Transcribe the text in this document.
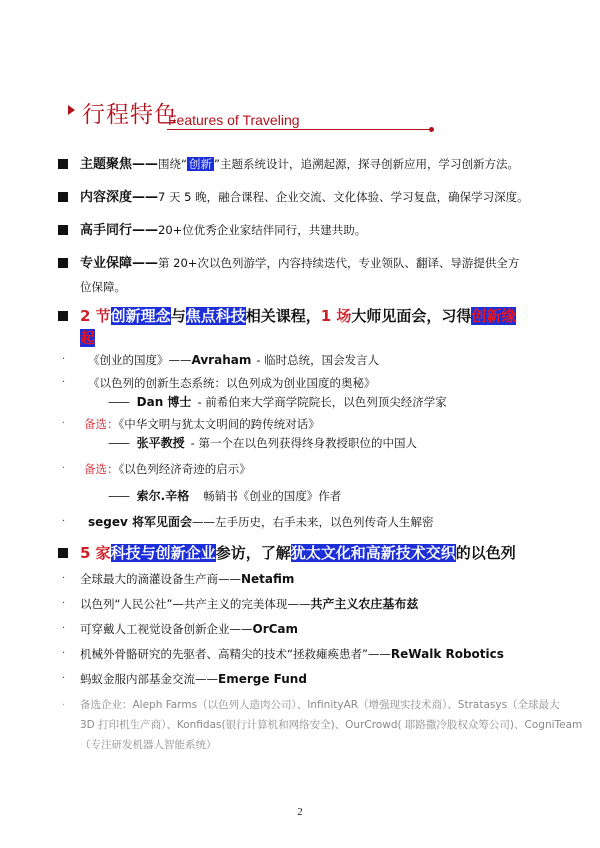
行程特色
Features of Traveling
主题聚焦——围绕“ 创新 ”主题系统设计，追溯起源，探寻创新应用，学习创新方法。
内容深度——7 天 5 晚，融合课程、企业交流、文化体验、学习复盘，确保学习深度。
高手同行——20+位优秀企业家结伴同行，共建共助。
专业保障——第 20+次以色列游学，内容持续迭代，专业领队、翻译、导游提供全方
位保障。
2 节创新理念与焦点科技相关课程，1 场大师见面会，习得创新缘
起
· 《创业的国度》——Avraham - 临时总统，国会发言人
· 《以色列的创新生态系统：以色列成为创业国度的奥秘》
—— Dan 博士 - 前希伯来大学商学院院长，以色列顶尖经济学家
· 备选：《中华文明与犹太文明间的跨传统对话》
—— 张平教授 - 第一个在以色列获得终身教授职位的中国人
· 备选：《以色列经济奇迹的启示》
—— 索尔.辛格 畅销书《创业的国度》作者
· segev 将军见面会——左手历史，右手未来，以色列传奇人生解密
5 家科技与创新企业参访，了解犹太文化和高新技术交织的以色列
· 全球最大的滴灌设备生产商——Netafim
· 以色列“人民公社”—共产主义的完美体现——共产主义农庄基布兹
· 可穿戴人工视觉设备创新企业——OrCam
· 机械外骨骼研究的先驱者、高精尖的技术“拯救瘫痪患者”——ReWalk Robotics
· 蚂蚁金服内部基金交流——Emerge Fund
· 备选企业：Aleph Farms（以色列人造肉公司）、InfinityAR（增强现实技术商）、Stratasys（全球最大
3D 打印机生产商）、Konfidas(银行计算机和网络安全)、OurCrowd( 耶路撒冷股权众筹公司)、CogniTeam
（专注研发机器人智能系统）
2
